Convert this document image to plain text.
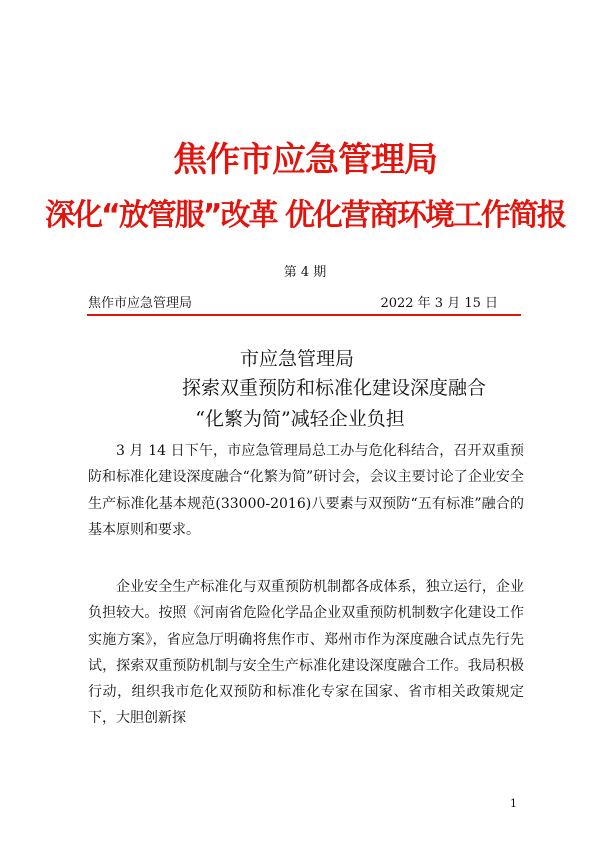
焦作市应急管理局
深化“放管服”改革 优化营商环境工作简报
第 4 期
焦作市应急管理局	2022 年 3 月 15 日
市应急管理局
探索双重预防和标准化建设深度融合
“化繁为简”减轻企业负担

3 月 14 日下午，市应急管理局总工办与危化科结合，召开双重预防和标准化建设深度融合“化繁为简”研讨会，会议主要讨论了企业安全生产标准化基本规范(33000-2016)八要素与双预防“五有标准”融合的基本原则和要求。

企业安全生产标准化与双重预防机制都各成体系，独立运行，企业负担较大。按照《河南省危险化学品企业双重预防机制数字化建设工作实施方案》，省应急厅明确将焦作市、郑州市作为深度融合试点先行先试，探索双重预防机制与安全生产标准化建设深度融合工作。我局积极行动，组织我市危化双预防和标准化专家在国家、省市相关政策规定下，大胆创新探

1
